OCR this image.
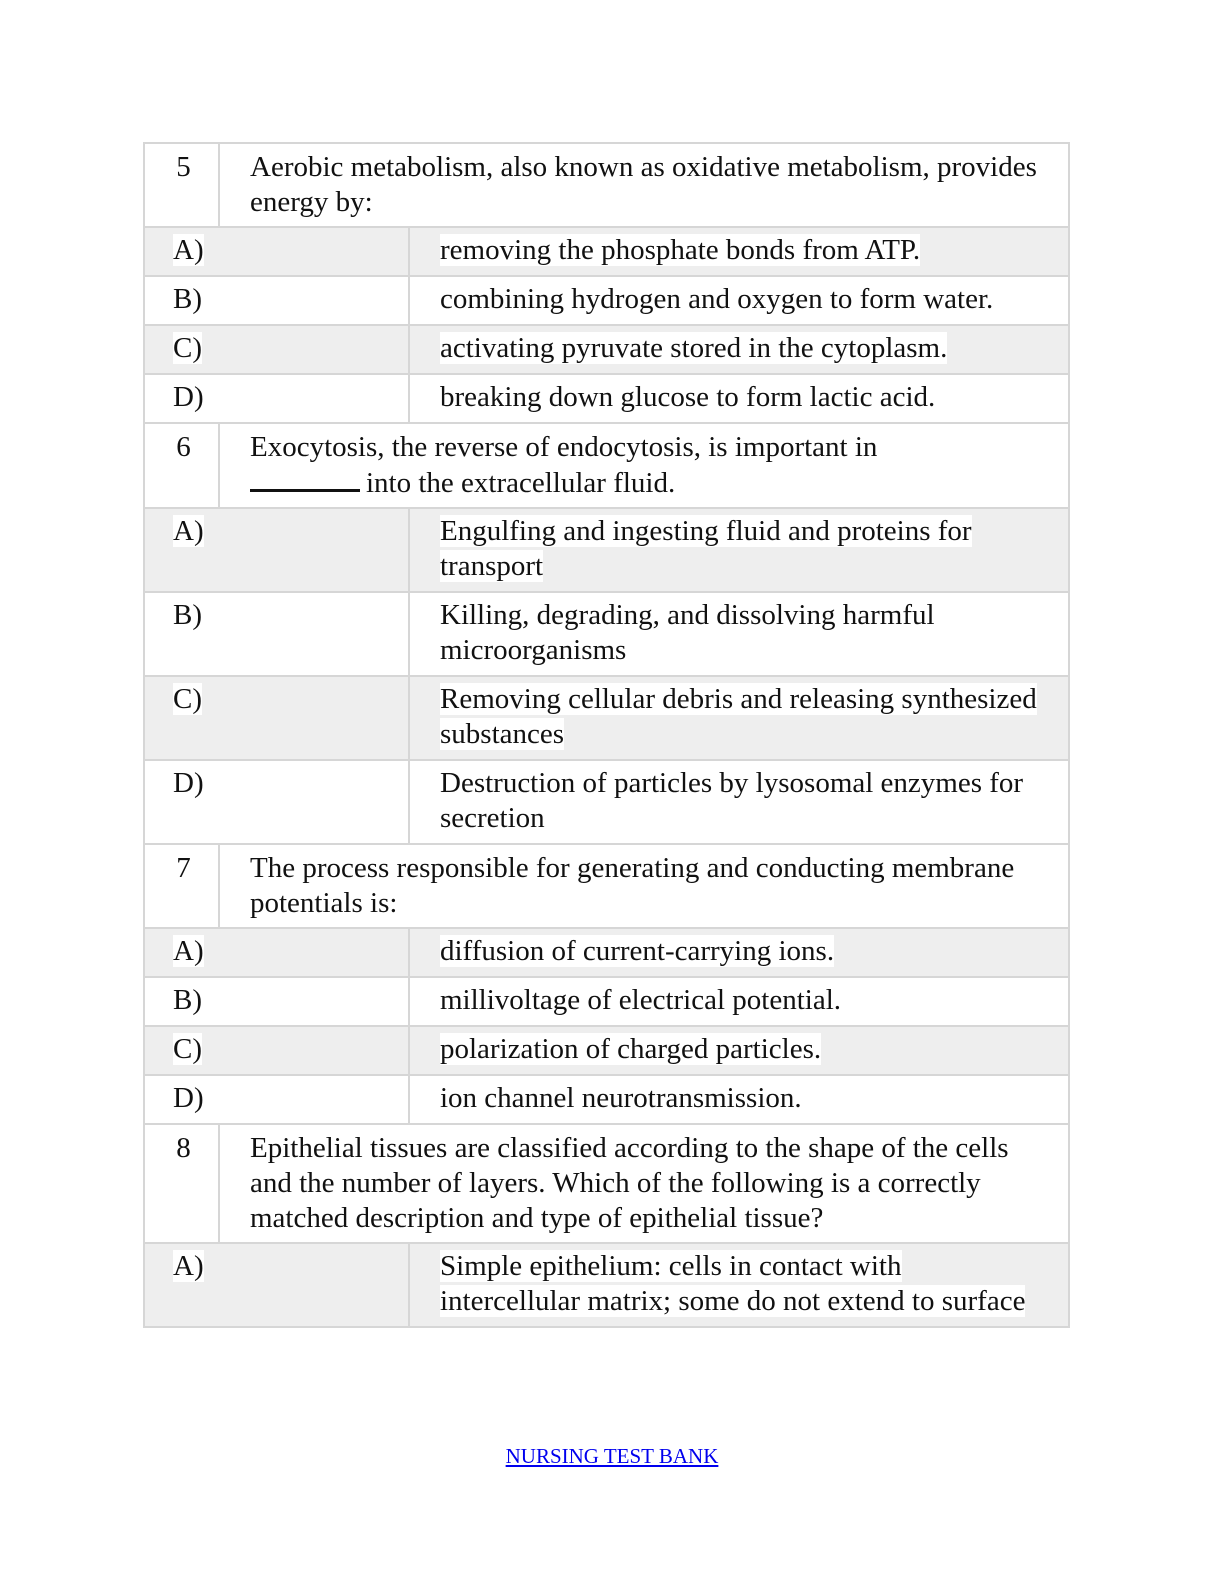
5	Aerobic metabolism, also known as oxidative metabolism, provides energy by:
A)	removing the phosphate bonds from ATP.
B)	combining hydrogen and oxygen to form water.
C)	activating pyruvate stored in the cytoplasm.
D)	breaking down glucose to form lactic acid.
6	Exocytosis, the reverse of endocytosis, is important in
into the extracellular fluid.
A)	Engulfing and ingesting fluid and proteins for transport
B)	Killing, degrading, and dissolving harmful microorganisms
C)	Removing cellular debris and releasing synthesized substances
D)	Destruction of particles by lysosomal enzymes for secretion
7	The process responsible for generating and conducting membrane potentials is:
A)	diffusion of current-carrying ions.
B)	millivoltage of electrical potential.
C)	polarization of charged particles.
D)	ion channel neurotransmission.
8	Epithelial tissues are classified according to the shape of the cells and the number of layers. Which of the following is a correctly matched description and type of epithelial tissue?
A)	Simple epithelium: cells in contact with intercellular matrix; some do not extend to surface
NURSING TEST BANK
